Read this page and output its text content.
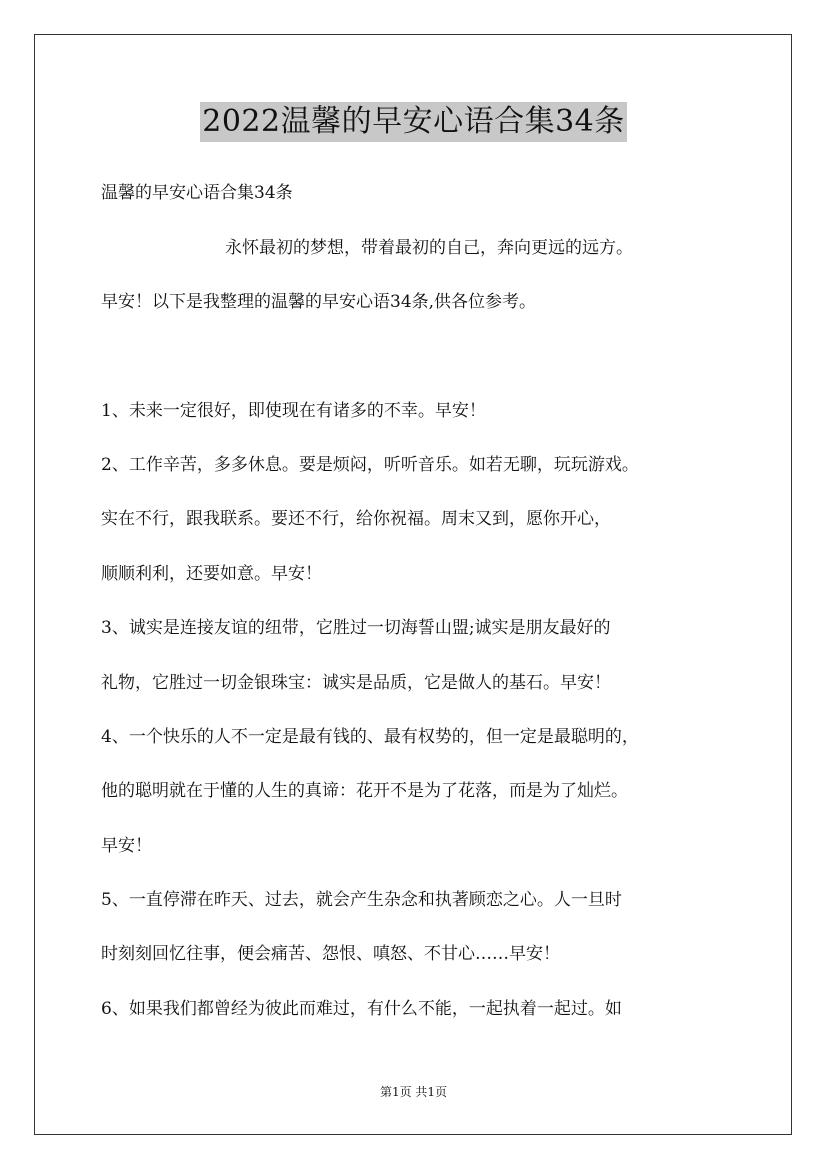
2022温馨的早安心语合集34条
温馨的早安心语合集34条
永怀最初的梦想，带着最初的自己，奔向更远的远方。
早安！以下是我整理的温馨的早安心语34条,供各位参考。
1、未来一定很好，即使现在有诸多的不幸。早安！
2、工作辛苦，多多休息。要是烦闷，听听音乐。如若无聊，玩玩游戏。
实在不行，跟我联系。要还不行，给你祝福。周末又到，愿你开心，
顺顺利利，还要如意。早安！
3、诚实是连接友谊的纽带，它胜过一切海誓山盟;诚实是朋友最好的
礼物，它胜过一切金银珠宝：诚实是品质，它是做人的基石。早安！
4、一个快乐的人不一定是最有钱的、最有权势的，但一定是最聪明的，
他的聪明就在于懂的人生的真谛：花开不是为了花落，而是为了灿烂。
早安！
5、一直停滞在昨天、过去，就会产生杂念和执著顾恋之心。人一旦时
时刻刻回忆往事，便会痛苦、怨恨、嗔怒、不甘心……早安！
6、如果我们都曾经为彼此而难过，有什么不能，一起执着一起过。如
第1页 共1页
